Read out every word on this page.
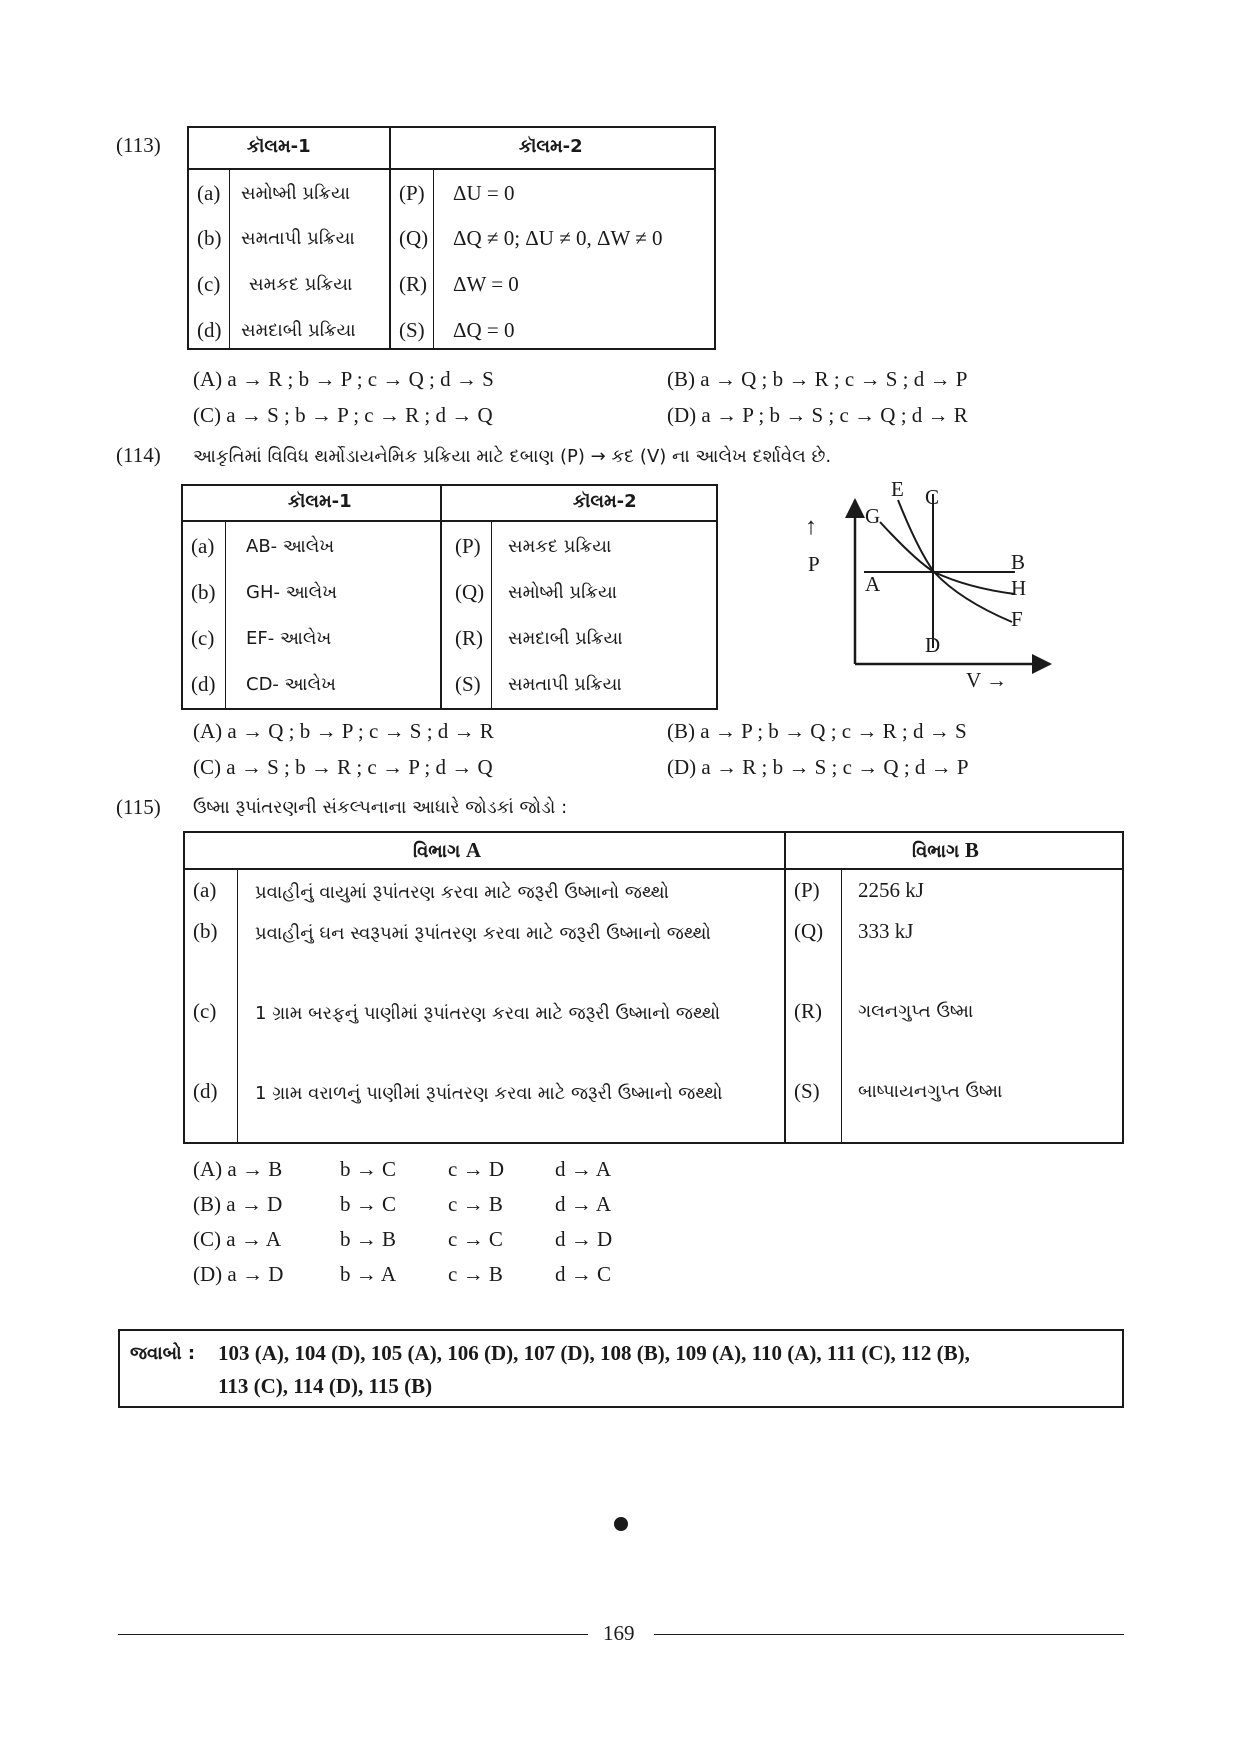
(113)	કૉલમ-1	કૉલમ-2
(a) સમોષ્મી પ્રક્રિયા (P) ΔU = 0
(b) સમતાપી પ્રક્રિયા (Q) ΔQ ≠ 0; ΔU ≠ 0, ΔW ≠ 0
(c) સમકદ પ્રક્રિયા (R) ΔW = 0
(d) સમદાબી પ્રક્રિયા (S) ΔQ = 0
(A) a → R ; b → P ; c → Q ; d → S	(B) a → Q ; b → R ; c → S ; d → P
(C) a → S ; b → P ; c → R ; d → Q	(D) a → P ; b → S ; c → Q ; d → R
(114) આકૃતિમાં વિવિધ થર્મોડાયનેમિક પ્રક્રિયા માટે દબાણ (P) → કદ (V) ના આલેખ દર્શાવેલ છે.
કૉલમ-1	કૉલમ-2
(a) AB- આલેખ	(P) સમકદ પ્રક્રિયા
(b) GH- આલેખ	(Q) સમોષ્મી પ્રક્રિયા
(c) EF- આલેખ	(R) સમદાબી પ્રક્રિયા
(d) CD- આલેખ	(S) સમતાપી પ્રક્રિયા
↑
P
V →
E C
G
B
H
F
A
D
(A) a → Q ; b → P ; c → S ; d → R	(B) a → P ; b → Q ; c → R ; d → S
(C) a → S ; b → R ; c → P ; d → Q	(D) a → R ; b → S ; c → Q ; d → P
(115) ઉષ્મા રૂપાંતરણની સંકલ્પનાના આધારે જોડકાં જોડો :
વિભાગ A	વિભાગ B
(a) પ્રવાહીનું વાયુમાં રૂપાંતરણ કરવા માટે જરૂરી ઉષ્માનો જથ્થો	(P) 2256 kJ
(b) પ્રવાહીનું ઘન સ્વરૂપમાં રૂપાંતરણ કરવા માટે જરૂરી ઉષ્માનો જથ્થો	(Q) 333 kJ
(c) 1 ગ્રામ બરફનું પાણીમાં રૂપાંતરણ કરવા માટે જરૂરી ઉષ્માનો જથ્થો	(R) ગલનગુપ્ત ઉષ્મા
(d) 1 ગ્રામ વરાળનું પાણીમાં રૂપાંતરણ કરવા માટે જરૂરી ઉષ્માનો જથ્થો	(S) બાષ્પાયનગુપ્ત ઉષ્મા
(A) a → B	b → C c → D d → A
(B) a → D	b → C c → B d → A
(C) a → A	b → B c → C d → D
(D) a → D	b → A c → B d → C
જવાબો : 103 (A), 104 (D), 105 (A), 106 (D), 107 (D), 108 (B), 109 (A), 110 (A), 111 (C), 112 (B),
113 (C), 114 (D), 115 (B)
169
